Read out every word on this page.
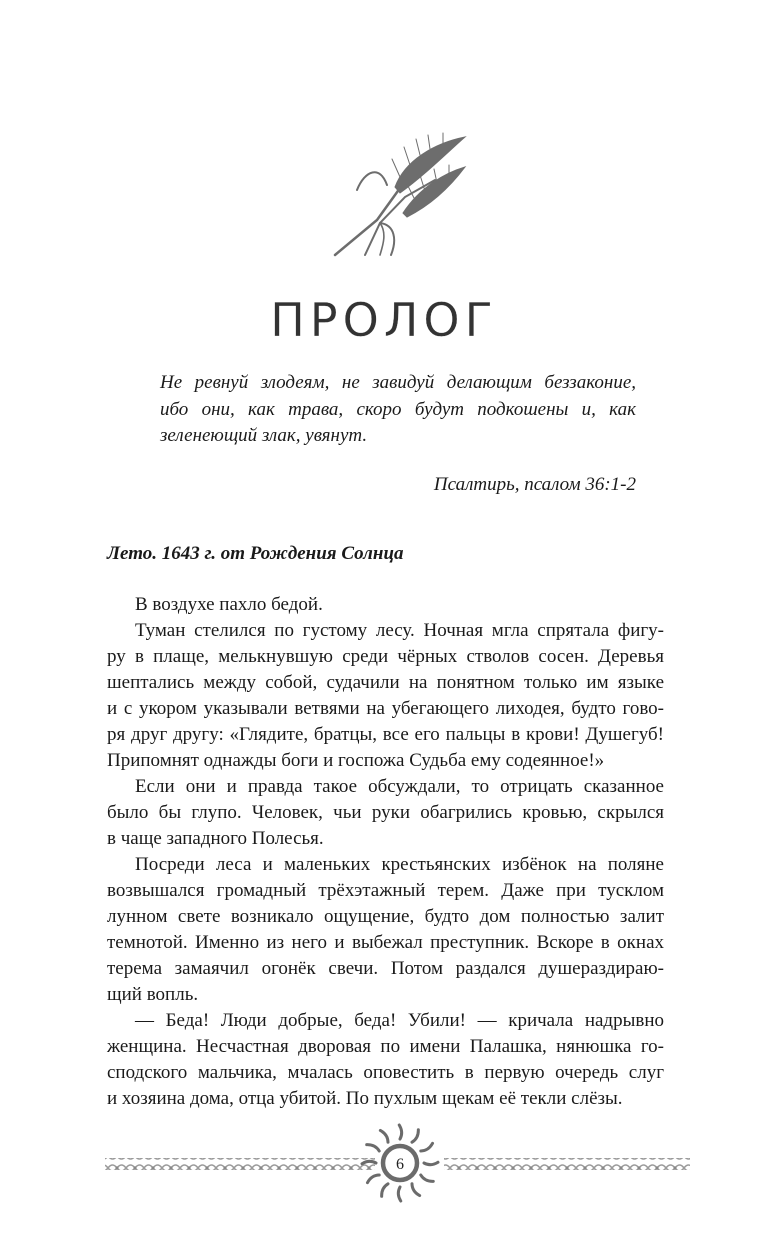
ПРОЛОГ
Не ревнуй злодеям, не завидуй делающим беззаконие,
ибо они, как трава, скоро будут подкошены и, как
зеленеющий злак, увянут.
Псалтирь, псалом 36:1-2
Лето. 1643 г. от Рождения Солнца
В воздухе пахло бедой.
Туман стелился по густому лесу. Ночная мгла спрятала фигу-
ру в плаще, мелькнувшую среди чёрных стволов сосен. Деревья
шептались между собой, судачили на понятном только им языке
и с укором указывали ветвями на убегающего лиходея, будто гово-
ря друг другу: «Глядите, братцы, все его пальцы в крови! Душегуб!
Припомнят однажды боги и госпожа Судьба ему содеянное!»
Если они и правда такое обсуждали, то отрицать сказанное
было бы глупо. Человек, чьи руки обагрились кровью, скрылся
в чаще западного Полесья.
Посреди леса и маленьких крестьянских избёнок на поляне
возвышался громадный трёхэтажный терем. Даже при тусклом
лунном свете возникало ощущение, будто дом полностью залит
темнотой. Именно из него и выбежал преступник. Вскоре в окнах
терема замаячил огонёк свечи. Потом раздался душераздираю-
щий вопль.
— Беда! Люди добрые, беда! Убили! — кричала надрывно
женщина. Несчастная дворовая по имени Палашка, нянюшка го-
сподского мальчика, мчалась оповестить в первую очередь слуг
и хозяина дома, отца убитой. По пухлым щекам её текли слёзы.
6
